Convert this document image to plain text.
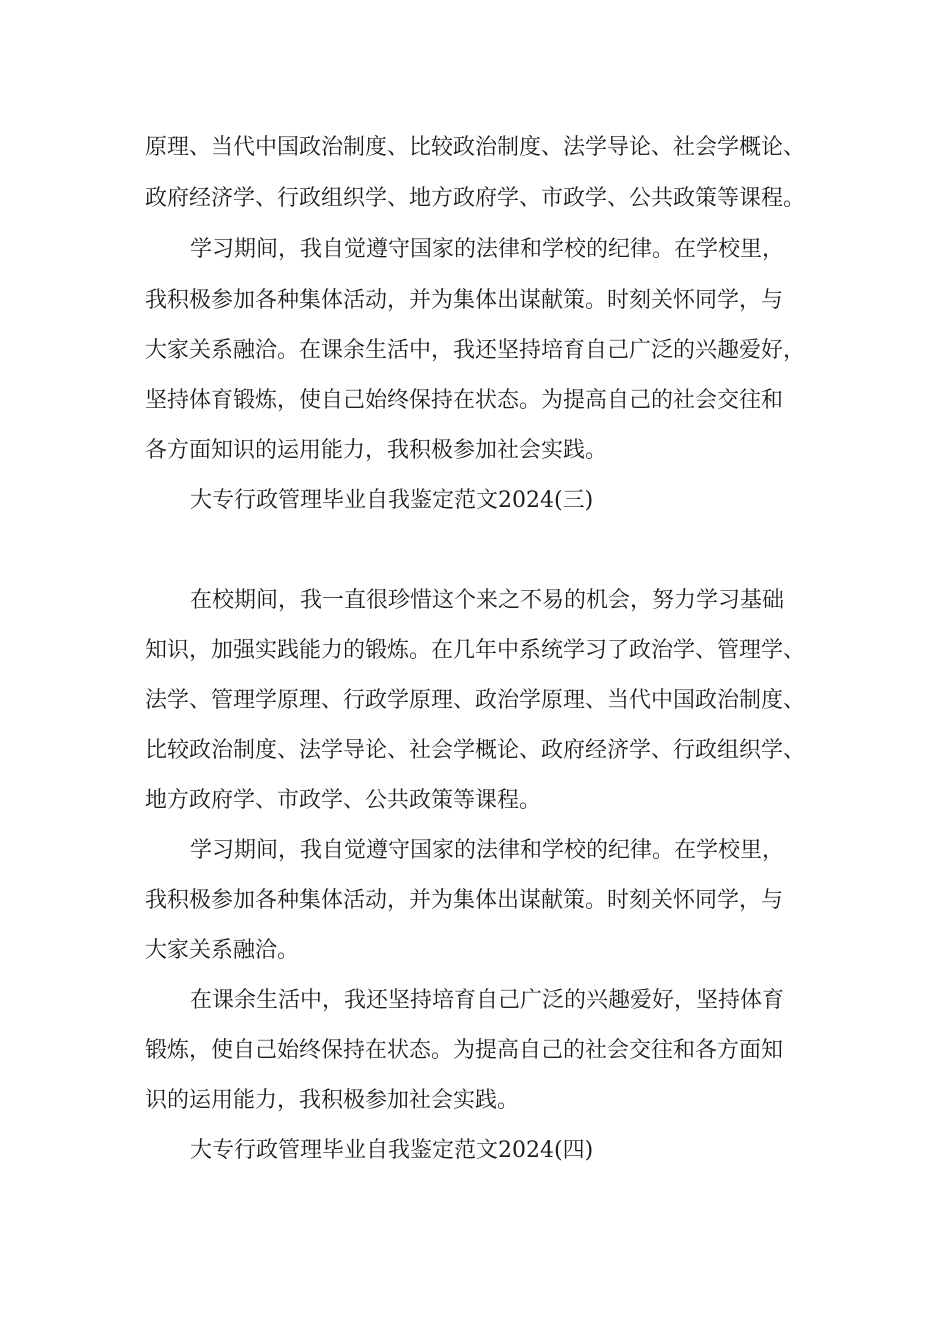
原理、当代中国政治制度、比较政治制度、法学导论、社会学概论、

政府经济学、行政组织学、地方政府学、市政学、公共政策等课程。

学习期间，我自觉遵守国家的法律和学校的纪律。在学校里，

我积极参加各种集体活动，并为集体出谋献策。时刻关怀同学，与

大家关系融洽。在课余生活中，我还坚持培育自己广泛的兴趣爱好，

坚持体育锻炼，使自己始终保持在状态。为提高自己的社会交往和

各方面知识的运用能力，我积极参加社会实践。

大专行政管理毕业自我鉴定范文2024(三)

在校期间，我一直很珍惜这个来之不易的机会，努力学习基础

知识，加强实践能力的锻炼。在几年中系统学习了政治学、管理学、

法学、管理学原理、行政学原理、政治学原理、当代中国政治制度、

比较政治制度、法学导论、社会学概论、政府经济学、行政组织学、

地方政府学、市政学、公共政策等课程。

学习期间，我自觉遵守国家的法律和学校的纪律。在学校里，

我积极参加各种集体活动，并为集体出谋献策。时刻关怀同学，与

大家关系融洽。

在课余生活中，我还坚持培育自己广泛的兴趣爱好，坚持体育

锻炼，使自己始终保持在状态。为提高自己的社会交往和各方面知

识的运用能力，我积极参加社会实践。

大专行政管理毕业自我鉴定范文2024(四)
